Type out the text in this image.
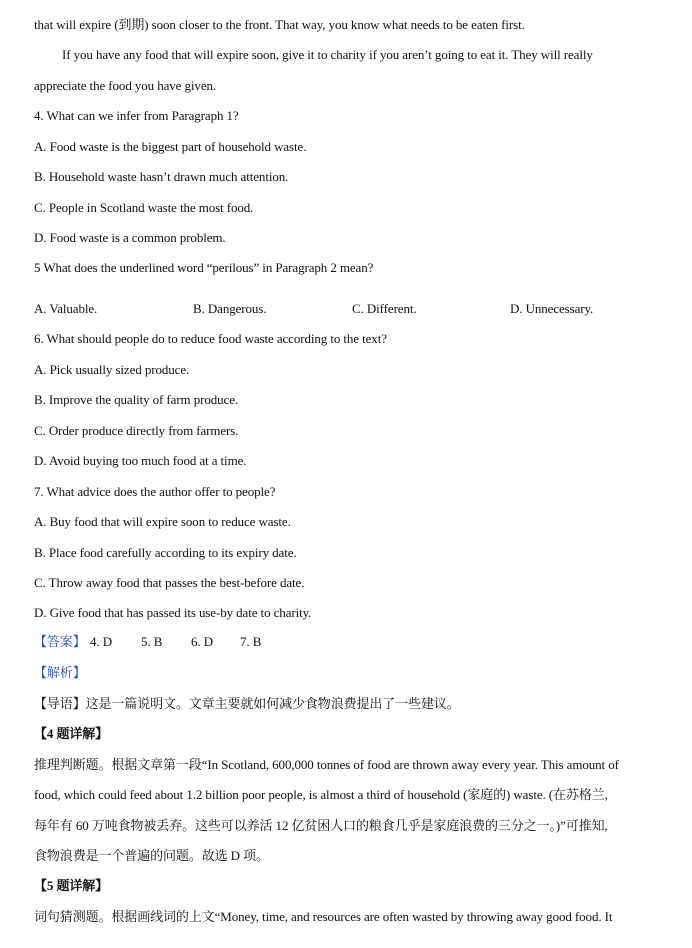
that will expire (到期) soon closer to the front. That way, you know what needs to be eaten first.
If you have any food that will expire soon, give it to charity if you aren’t going to eat it. They will really
appreciate the food you have given.
4. What can we infer from Paragraph 1?
A. Food waste is the biggest part of household waste.
B. Household waste hasn’t drawn much attention.
C. People in Scotland waste the most food.
D. Food waste is a common problem.
5 What does the underlined word “perilous” in Paragraph 2 mean?
A. Valuable.	B. Dangerous.	C. Different.	D. Unnecessary.
6. What should people do to reduce food waste according to the text?
A. Pick usually sized produce.
B. Improve the quality of farm produce.
C. Order produce directly from farmers.
D. Avoid buying too much food at a time.
7. What advice does the author offer to people?
A. Buy food that will expire soon to reduce waste.
B. Place food carefully according to its expiry date.
C. Throw away food that passes the best-before date.
D. Give food that has passed its use-by date to charity.
【答案】 4. D 5. B 6. D 7. B
【解析】
【导语】这是一篇说明文。文章主要就如何减少食物浪费提出了一些建议。
【4 题详解】
推理判断题。根据文章第一段“In Scotland, 600,000 tonnes of food are thrown away every year. This amount of
food, which could feed about 1.2 billion poor people, is almost a third of household (家庭的) waste. (在苏格兰,
每年有 60 万吨食物被丢弃。这些可以养活 12 亿贫困人口的粮食几乎是家庭浪费的三分之一。)”可推知,
食物浪费是一个普遍的问题。故选 D 项。
【5 题详解】
词句猜测题。根据画线词的上文“Money, time, and resources are often wasted by throwing away good food. It
